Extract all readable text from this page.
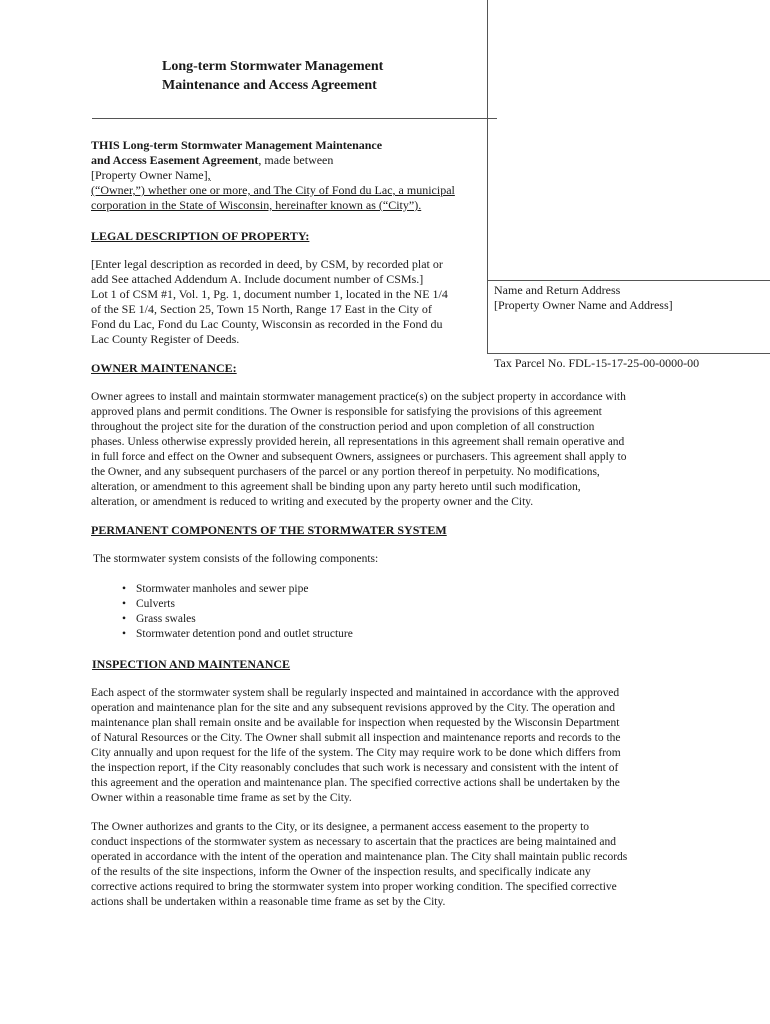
Long-term Stormwater Management
Maintenance and Access Agreement
THIS Long-term Stormwater Management Maintenance
and Access Easement Agreement, made between
[Property Owner Name],
(“Owner,”) whether one or more, and The City of Fond du Lac, a municipal
corporation in the State of Wisconsin, hereinafter known as (“City”).
Name and Return Address
[Property Owner Name and Address]
Tax Parcel No. FDL-15-17-25-00-0000-00
LEGAL DESCRIPTION OF PROPERTY:
[Enter legal description as recorded in deed, by CSM, by recorded plat or
add See attached Addendum A. Include document number of CSMs.]
Lot 1 of CSM #1, Vol. 1, Pg. 1, document number 1, located in the NE 1/4
of the SE 1/4, Section 25, Town 15 North, Range 17 East in the City of
Fond du Lac, Fond du Lac County, Wisconsin as recorded in the Fond du
Lac County Register of Deeds.
OWNER MAINTENANCE:
Owner agrees to install and maintain stormwater management practice(s) on the subject property in accordance with
approved plans and permit conditions. The Owner is responsible for satisfying the provisions of this agreement
throughout the project site for the duration of the construction period and upon completion of all construction
phases. Unless otherwise expressly provided herein, all representations in this agreement shall remain operative and
in full force and effect on the Owner and subsequent Owners, assignees or purchasers. This agreement shall apply to
the Owner, and any subsequent purchasers of the parcel or any portion thereof in perpetuity. No modifications,
alteration, or amendment to this agreement shall be binding upon any party hereto until such modification,
alteration, or amendment is reduced to writing and executed by the property owner and the City.
PERMANENT COMPONENTS OF THE STORMWATER SYSTEM
The stormwater system consists of the following components:
• Stormwater manholes and sewer pipe
• Culverts
• Grass swales
• Stormwater detention pond and outlet structure
INSPECTION AND MAINTENANCE
Each aspect of the stormwater system shall be regularly inspected and maintained in accordance with the approved
operation and maintenance plan for the site and any subsequent revisions approved by the City. The operation and
maintenance plan shall remain onsite and be available for inspection when requested by the Wisconsin Department
of Natural Resources or the City. The Owner shall submit all inspection and maintenance reports and records to the
City annually and upon request for the life of the system. The City may require work to be done which differs from
the inspection report, if the City reasonably concludes that such work is necessary and consistent with the intent of
this agreement and the operation and maintenance plan. The specified corrective actions shall be undertaken by the
Owner within a reasonable time frame as set by the City.
The Owner authorizes and grants to the City, or its designee, a permanent access easement to the property to
conduct inspections of the stormwater system as necessary to ascertain that the practices are being maintained and
operated in accordance with the intent of the operation and maintenance plan. The City shall maintain public records
of the results of the site inspections, inform the Owner of the inspection results, and specifically indicate any
corrective actions required to bring the stormwater system into proper working condition. The specified corrective
actions shall be undertaken within a reasonable time frame as set by the City.
